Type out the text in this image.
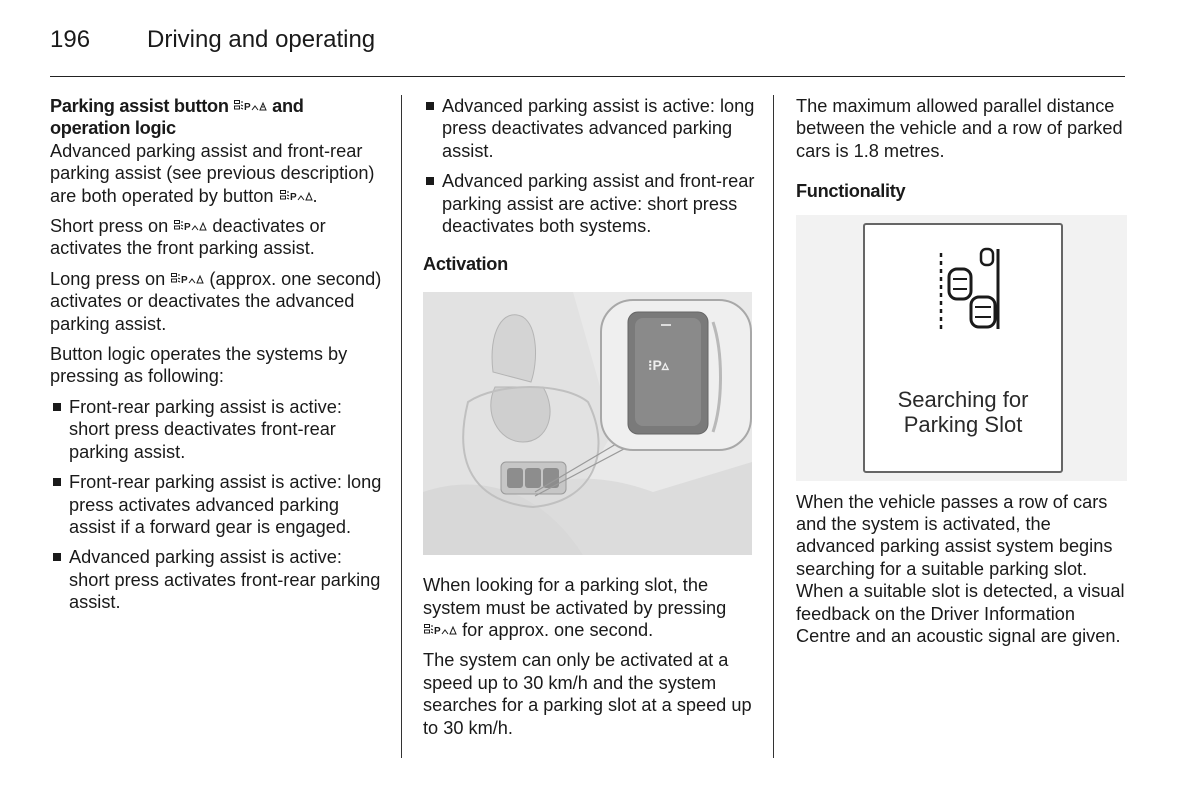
196 Driving and operating
Parking assist button P and
operation logic

Advanced parking assist and front-rear parking assist (see previous description) are both operated by button P .

Short press on P deactivates or activates the front parking assist.

Long press on P (approx. one second) activates or deactivates the advanced parking assist.

Button logic operates the systems by pressing as following:

Front-rear parking assist is active: short press deactivates front-rear parking assist.
Front-rear parking assist is active: long press activates advanced parking assist if a forward gear is engaged.
Advanced parking assist is active: short press activates front-rear parking assist.
Advanced parking assist is active: long press deactivates advanced parking assist.
Advanced parking assist and front-rear parking assist are active: short press deactivates both systems.
Activation
⁝P▵

When looking for a parking slot, the system must be activated by pressing
P for approx. one second.

The system can only be activated at a speed up to 30 km/h and the system searches for a parking slot at a speed up to 30 km/h.

The maximum allowed parallel distance between the vehicle and a row of parked cars is 1.8 metres.

Functionality
Searching for
Parking Slot

When the vehicle passes a row of cars and the system is activated, the advanced parking assist system begins searching for a suitable parking slot. When a suitable slot is detected, a visual feedback on the Driver Information Centre and an acoustic signal are given.
